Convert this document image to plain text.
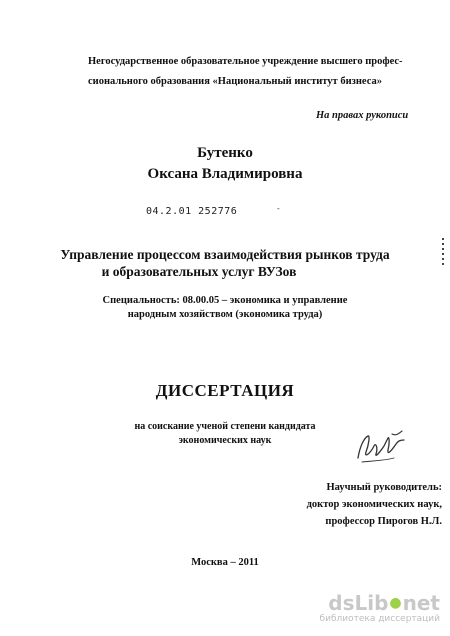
Негосударственное образовательное учреждение высшего профес-
сионального образования «Национальный институт бизнеса»
На правах рукописи
Бутенко
Оксана Владимировна
04.2.01 252776	-
Управление процессом взаимодействия рынков труда
и образовательных услуг ВУЗов
Специальность: 08.00.05 – экономика и управление
народным хозяйством (экономика труда)
ДИССЕРТАЦИЯ
на соискание ученой степени кандидата
экономических наук
Научный руководитель:
доктор экономических наук,
профессор Пирогов Н.Л.
Москва – 2011
dsLib ● net
библиотека диссертаций
